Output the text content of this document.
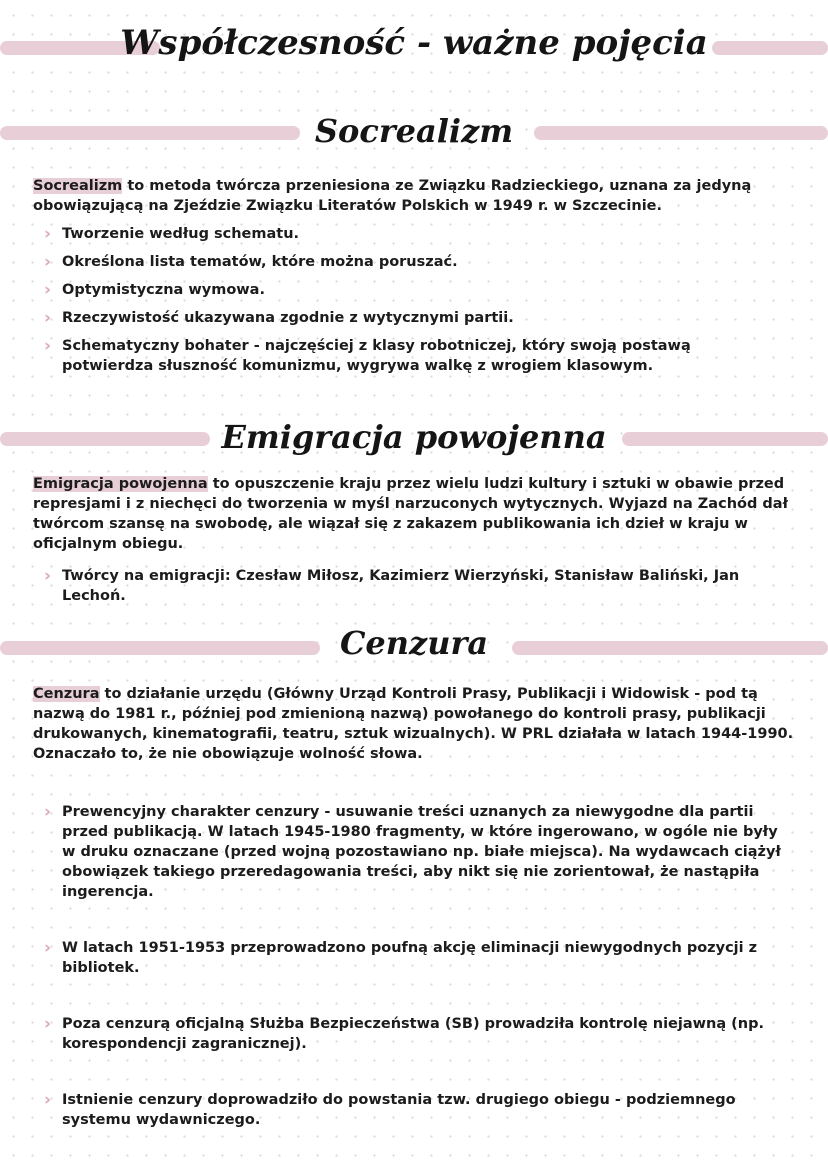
Współczesność - ważne pojęcia
Socrealizm

Socrealizm to metoda twórcza przeniesiona ze Związku Radzieckiego, uznana za jedyną obowiązującą na Zjeździe Związku Literatów Polskich w 1949 r. w Szczecinie.

› Tworzenie według schematu.
› Określona lista tematów, które można poruszać.
› Optymistyczna wymowa.
› Rzeczywistość ukazywana zgodnie z wytycznymi partii.
› Schematyczny bohater - najczęściej z klasy robotniczej, który swoją postawą potwierdza słuszność komunizmu, wygrywa walkę z wrogiem klasowym.
Emigracja powojenna

Emigracja powojenna to opuszczenie kraju przez wielu ludzi kultury i sztuki w obawie przed represjami i z niechęci do tworzenia w myśl narzuconych wytycznych. Wyjazd na Zachód dał twórcom szansę na swobodę, ale wiązał się z zakazem publikowania ich dzieł w kraju w oficjalnym obiegu.

› Twórcy na emigracji: Czesław Miłosz, Kazimierz Wierzyński, Stanisław Baliński, Jan Lechoń.
Cenzura

Cenzura to działanie urzędu (Główny Urząd Kontroli Prasy, Publikacji i Widowisk - pod tą nazwą do 1981 r., później pod zmienioną nazwą) powołanego do kontroli prasy, publikacji drukowanych, kinematografii, teatru, sztuk wizualnych). W PRL działała w latach 1944-1990. Oznaczało to, że nie obowiązuje wolność słowa.

› Prewencyjny charakter cenzury - usuwanie treści uznanych za niewygodne dla partii przed publikacją. W latach 1945-1980 fragmenty, w które ingerowano, w ogóle nie były w druku oznaczane (przed wojną pozostawiano np. białe miejsca). Na wydawcach ciążył obowiązek takiego przeredagowania treści, aby nikt się nie zorientował, że nastąpiła ingerencja.
› W latach 1951-1953 przeprowadzono poufną akcję eliminacji niewygodnych pozycji z bibliotek.
› Poza cenzurą oficjalną Służba Bezpieczeństwa (SB) prowadziła kontrolę niejawną (np. korespondencji zagranicznej).
› Istnienie cenzury doprowadziło do powstania tzw. drugiego obiegu - podziemnego systemu wydawniczego.
